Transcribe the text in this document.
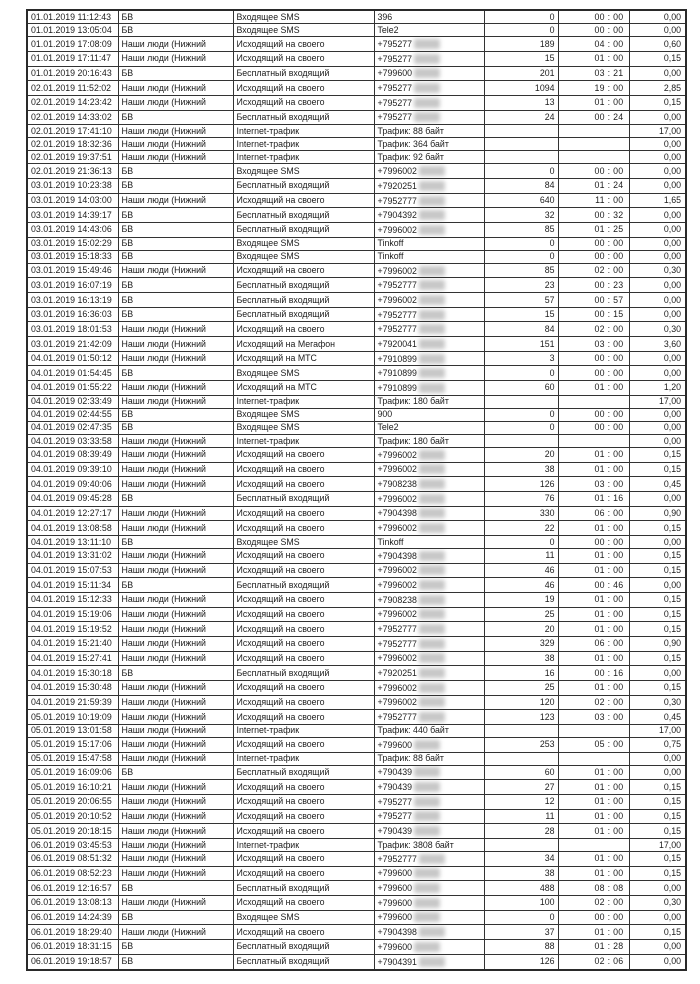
01.01.2019 11:12:43	БВ	Входящее SMS	396	0	00 : 00	0,00
01.01.2019 13:05:04	БВ	Входящее SMS	Tele2	0	00 : 00	0,00
01.01.2019 17:08:09	Наши люди (Нижний	Исходящий на своего	+795277	189	04 : 00	0,60
01.01.2019 17:11:47	Наши люди (Нижний	Исходящий на своего	+795277	15	01 : 00	0,15
01.01.2019 20:16:43	БВ	Бесплатный входящий	+799600	201	03 : 21	0,00
02.01.2019 11:52:02	Наши люди (Нижний	Исходящий на своего	+795277	1094	19 : 00	2,85
02.01.2019 14:23:42	Наши люди (Нижний	Исходящий на своего	+795277	13	01 : 00	0,15
02.01.2019 14:33:02	БВ	Бесплатный входящий	+795277	24	00 : 24	0,00
02.01.2019 17:41:10	Наши люди (Нижний	Internet-трафик	Трафик: 88 байт			17,00
02.01.2019 18:32:36	Наши люди (Нижний	Internet-трафик	Трафик: 364 байт			0,00
02.01.2019 19:37:51	Наши люди (Нижний	Internet-трафик	Трафик: 92 байт			0,00
02.01.2019 21:36:13	БВ	Входящее SMS	+7996002	0	00 : 00	0,00
03.01.2019 10:23:38	БВ	Бесплатный входящий	+7920251	84	01 : 24	0,00
03.01.2019 14:03:00	Наши люди (Нижний	Исходящий на своего	+7952777	640	11 : 00	1,65
03.01.2019 14:39:17	БВ	Бесплатный входящий	+7904392	32	00 : 32	0,00
03.01.2019 14:43:06	БВ	Бесплатный входящий	+7996002	85	01 : 25	0,00
03.01.2019 15:02:29	БВ	Входящее SMS	Tinkoff	0	00 : 00	0,00
03.01.2019 15:18:33	БВ	Входящее SMS	Tinkoff	0	00 : 00	0,00
03.01.2019 15:49:46	Наши люди (Нижний	Исходящий на своего	+7996002	85	02 : 00	0,30
03.01.2019 16:07:19	БВ	Бесплатный входящий	+7952777	23	00 : 23	0,00
03.01.2019 16:13:19	БВ	Бесплатный входящий	+7996002	57	00 : 57	0,00
03.01.2019 16:36:03	БВ	Бесплатный входящий	+7952777	15	00 : 15	0,00
03.01.2019 18:01:53	Наши люди (Нижний	Исходящий на своего	+7952777	84	02 : 00	0,30
03.01.2019 21:42:09	Наши люди (Нижний	Исходящий на Мегафон	+7920041	151	03 : 00	3,60
04.01.2019 01:50:12	Наши люди (Нижний	Исходящий на МТС	+7910899	3	00 : 00	0,00
04.01.2019 01:54:45	БВ	Входящее SMS	+7910899	0	00 : 00	0,00
04.01.2019 01:55:22	Наши люди (Нижний	Исходящий на МТС	+7910899	60	01 : 00	1,20
04.01.2019 02:33:49	Наши люди (Нижний	Internet-трафик	Трафик: 180 байт			17,00
04.01.2019 02:44:55	БВ	Входящее SMS	900	0	00 : 00	0,00
04.01.2019 02:47:35	БВ	Входящее SMS	Tele2	0	00 : 00	0,00
04.01.2019 03:33:58	Наши люди (Нижний	Internet-трафик	Трафик: 180 байт			0,00
04.01.2019 08:39:49	Наши люди (Нижний	Исходящий на своего	+7996002	20	01 : 00	0,15
04.01.2019 09:39:10	Наши люди (Нижний	Исходящий на своего	+7996002	38	01 : 00	0,15
04.01.2019 09:40:06	Наши люди (Нижний	Исходящий на своего	+7908238	126	03 : 00	0,45
04.01.2019 09:45:28	БВ	Бесплатный входящий	+7996002	76	01 : 16	0,00
04.01.2019 12:27:17	Наши люди (Нижний	Исходящий на своего	+7904398	330	06 : 00	0,90
04.01.2019 13:08:58	Наши люди (Нижний	Исходящий на своего	+7996002	22	01 : 00	0,15
04.01.2019 13:11:10	БВ	Входящее SMS	Tinkoff	0	00 : 00	0,00
04.01.2019 13:31:02	Наши люди (Нижний	Исходящий на своего	+7904398	11	01 : 00	0,15
04.01.2019 15:07:53	Наши люди (Нижний	Исходящий на своего	+7996002	46	01 : 00	0,15
04.01.2019 15:11:34	БВ	Бесплатный входящий	+7996002	46	00 : 46	0,00
04.01.2019 15:12:33	Наши люди (Нижний	Исходящий на своего	+7908238	19	01 : 00	0,15
04.01.2019 15:19:06	Наши люди (Нижний	Исходящий на своего	+7996002	25	01 : 00	0,15
04.01.2019 15:19:52	Наши люди (Нижний	Исходящий на своего	+7952777	20	01 : 00	0,15
04.01.2019 15:21:40	Наши люди (Нижний	Исходящий на своего	+7952777	329	06 : 00	0,90
04.01.2019 15:27:41	Наши люди (Нижний	Исходящий на своего	+7996002	38	01 : 00	0,15
04.01.2019 15:30:18	БВ	Бесплатный входящий	+7920251	16	00 : 16	0,00
04.01.2019 15:30:48	Наши люди (Нижний	Исходящий на своего	+7996002	25	01 : 00	0,15
04.01.2019 21:59:39	Наши люди (Нижний	Исходящий на своего	+7996002	120	02 : 00	0,30
05.01.2019 10:19:09	Наши люди (Нижний	Исходящий на своего	+7952777	123	03 : 00	0,45
05.01.2019 13:01:58	Наши люди (Нижний	Internet-трафик	Трафик: 440 байт			17,00
05.01.2019 15:17:06	Наши люди (Нижний	Исходящий на своего	+799600	253	05 : 00	0,75
05.01.2019 15:47:58	Наши люди (Нижний	Internet-трафик	Трафик: 88 байт			0,00
05.01.2019 16:09:06	БВ	Бесплатный входящий	+790439	60	01 : 00	0,00
05.01.2019 16:10:21	Наши люди (Нижний	Исходящий на своего	+790439	27	01 : 00	0,15
05.01.2019 20:06:55	Наши люди (Нижний	Исходящий на своего	+795277	12	01 : 00	0,15
05.01.2019 20:10:52	Наши люди (Нижний	Исходящий на своего	+795277	11	01 : 00	0,15
05.01.2019 20:18:15	Наши люди (Нижний	Исходящий на своего	+790439	28	01 : 00	0,15
06.01.2019 03:45:53	Наши люди (Нижний	Internet-трафик	Трафик: 3808 байт			17,00
06.01.2019 08:51:32	Наши люди (Нижний	Исходящий на своего	+7952777	34	01 : 00	0,15
06.01.2019 08:52:23	Наши люди (Нижний	Исходящий на своего	+799600	38	01 : 00	0,15
06.01.2019 12:16:57	БВ	Бесплатный входящий	+799600	488	08 : 08	0,00
06.01.2019 13:08:13	Наши люди (Нижний	Исходящий на своего	+799600	100	02 : 00	0,30
06.01.2019 14:24:39	БВ	Входящее SMS	+799600	0	00 : 00	0,00
06.01.2019 18:29:40	Наши люди (Нижний	Исходящий на своего	+7904398	37	01 : 00	0,15
06.01.2019 18:31:15	БВ	Бесплатный входящий	+799600	88	01 : 28	0,00
06.01.2019 19:18:57	БВ	Бесплатный входящий	+7904391	126	02 : 06	0,00
